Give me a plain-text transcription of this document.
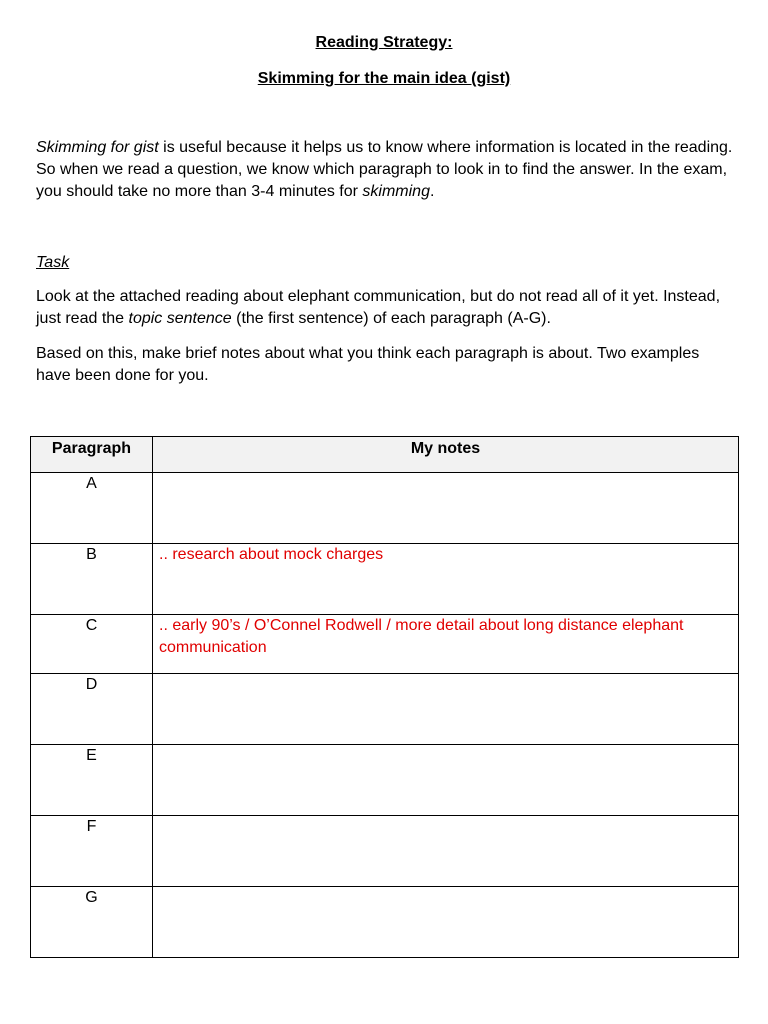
Reading Strategy:
Skimming for the main idea (gist)
Skimming for gist is useful because it helps us to know where information is located in the reading. So when we read a question, we know which paragraph to look in to find the answer. In the exam, you should take no more than 3-4 minutes for skimming.
Task
Look at the attached reading about elephant communication, but do not read all of it yet. Instead, just read the topic sentence (the first sentence) of each paragraph (A-G).
Based on this, make brief notes about what you think each paragraph is about. Two examples have been done for you.
Paragraph	My notes

A	
B	.. research about mock charges
C	.. early 90’s / O’Connel Rodwell / more detail about long distance elephant communication
D	
E	
F	
G	
